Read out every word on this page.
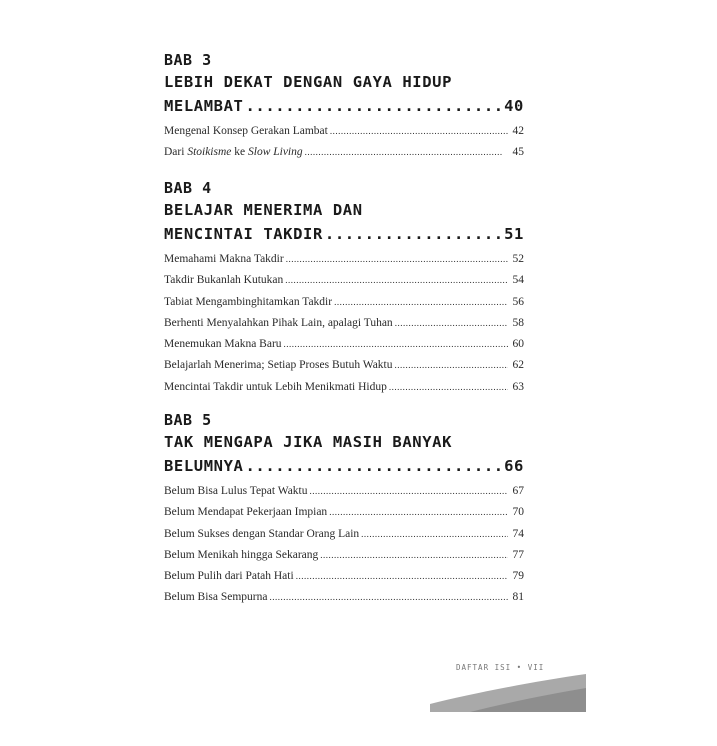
BAB 3
LEBIH DEKAT DENGAN GAYA HIDUP
MELAMBAT .....	40
Mengenal Konsep Gerakan Lambat .....	42
Dari Stoikisme ke Slow Living .....	45
BAB 4
BELAJAR MENERIMA DAN
MENCINTAI TAKDIR .....	51
Memahami Makna Takdir .....	52
Takdir Bukanlah Kutukan .....	54
Tabiat Mengambinghitamkan Takdir .....	56
Berhenti Menyalahkan Pihak Lain, apalagi Tuhan .....	58
Menemukan Makna Baru .....	60
Belajarlah Menerima; Setiap Proses Butuh Waktu .....	62
Mencintai Takdir untuk Lebih Menikmati Hidup .....	63
BAB 5
TAK MENGAPA JIKA MASIH BANYAK
BELUMNYA .....	66
Belum Bisa Lulus Tepat Waktu .....	67
Belum Mendapat Pekerjaan Impian .....	70
Belum Sukses dengan Standar Orang Lain .....	74
Belum Menikah hingga Sekarang .....	77
Belum Pulih dari Patah Hati .....	79
Belum Bisa Sempurna .....	81
DAFTAR ISI • VII
